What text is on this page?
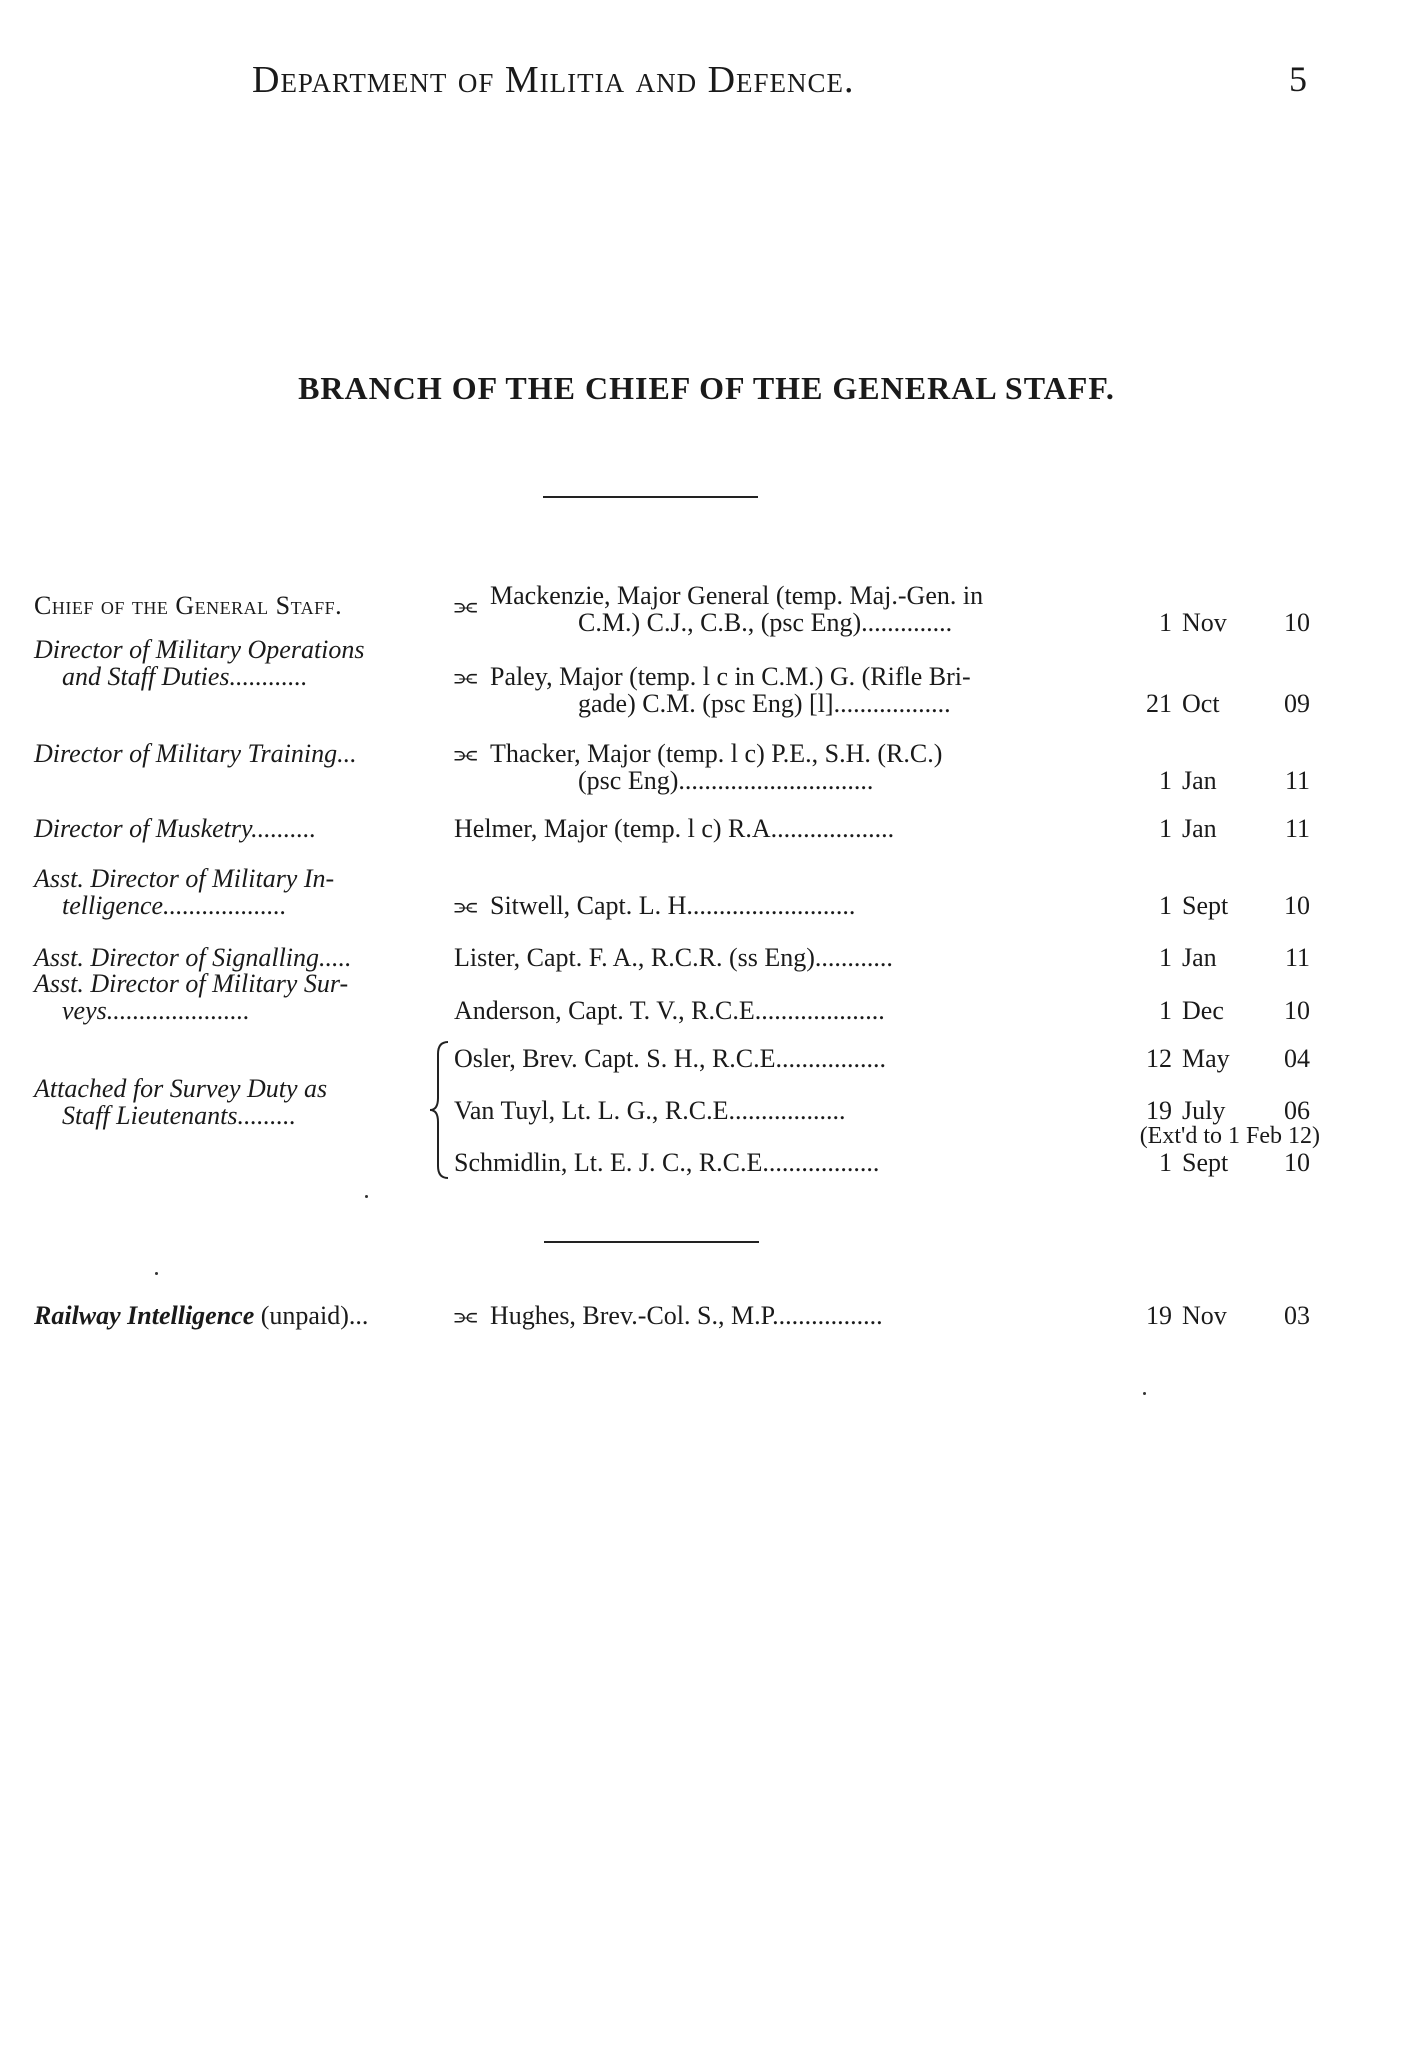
Department of Militia and Defence.	5
BRANCH OF THE CHIEF OF THE GENERAL STAFF.
Chief of the General Staff.	⫘ Mackenzie, Major General (temp. Maj.-Gen. in
C.M.) C.J., C.B., (psc Eng)..............	1 Nov	10
Director of Military Operations
and Staff Duties............	⫘ Paley, Major (temp. l c in C.M.) G. (Rifle Bri-
gade) C.M. (psc Eng) [l]..................	21 Oct	09
Director of Military Training...	⫘ Thacker, Major (temp. l c) P.E., S.H. (R.C.)
(psc Eng)..............................	1 Jan	11
Director of Musketry..........	Helmer, Major (temp. l c) R.A...................	1 Jan	11
Asst. Director of Military In-
telligence...................	⫘ Sitwell, Capt. L. H..........................	1 Sept	10
Asst. Director of Signalling.....	Lister, Capt. F. A., R.C.R. (ss Eng)............	1 Jan	11
Asst. Director of Military Sur-
veys......................	Anderson, Capt. T. V., R.C.E....................	1 Dec	10
Attached for Survey Duty as
Staff Lieutenants.........
Osler, Brev. Capt. S. H., R.C.E.................	12 May	04
Van Tuyl, Lt. L. G., R.C.E..................	19 July	06
(Ext'd to 1 Feb 12)
Schmidlin, Lt. E. J. C., R.C.E..................	1 Sept	10
Railway Intelligence (unpaid)...	⫘ Hughes, Brev.-Col. S., M.P.................	19 Nov	03
